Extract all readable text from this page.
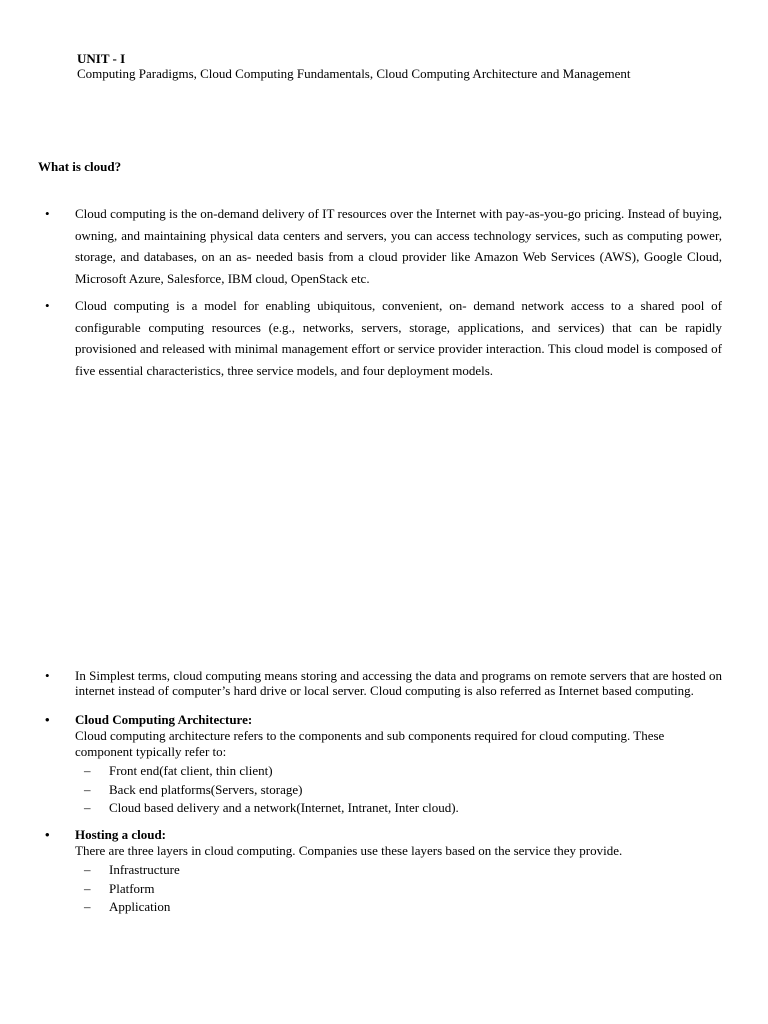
UNIT - I
Computing Paradigms, Cloud Computing Fundamentals, Cloud Computing Architecture and Management
What is cloud?
• Cloud computing is the on-demand delivery of IT resources over the Internet with pay-as-you-go pricing. Instead of buying, owning, and maintaining physical data centers and servers, you can access technology services, such as computing power, storage, and databases, on an as- needed basis from a cloud provider like Amazon Web Services (AWS), Google Cloud, Microsoft Azure, Salesforce, IBM cloud, OpenStack etc.
• Cloud computing is a model for enabling ubiquitous, convenient, on- demand network access to a shared pool of configurable computing resources (e.g., networks, servers, storage, applications, and services) that can be rapidly provisioned and released with minimal management effort or service provider interaction. This cloud model is composed of five essential characteristics, three service models, and four deployment models.
• In Simplest terms, cloud computing means storing and accessing the data and programs on remote servers that are hosted on internet instead of computer’s hard drive or local server. Cloud computing is also referred as Internet based computing.
• Cloud Computing Architecture:
Cloud computing architecture refers to the components and sub components required for cloud computing. These component typically refer to:
– Front end(fat client, thin client)
– Back end platforms(Servers, storage)
– Cloud based delivery and a network(Internet, Intranet, Inter cloud).
• Hosting a cloud:
There are three layers in cloud computing. Companies use these layers based on the service they provide.
– Infrastructure
– Platform
– Application
